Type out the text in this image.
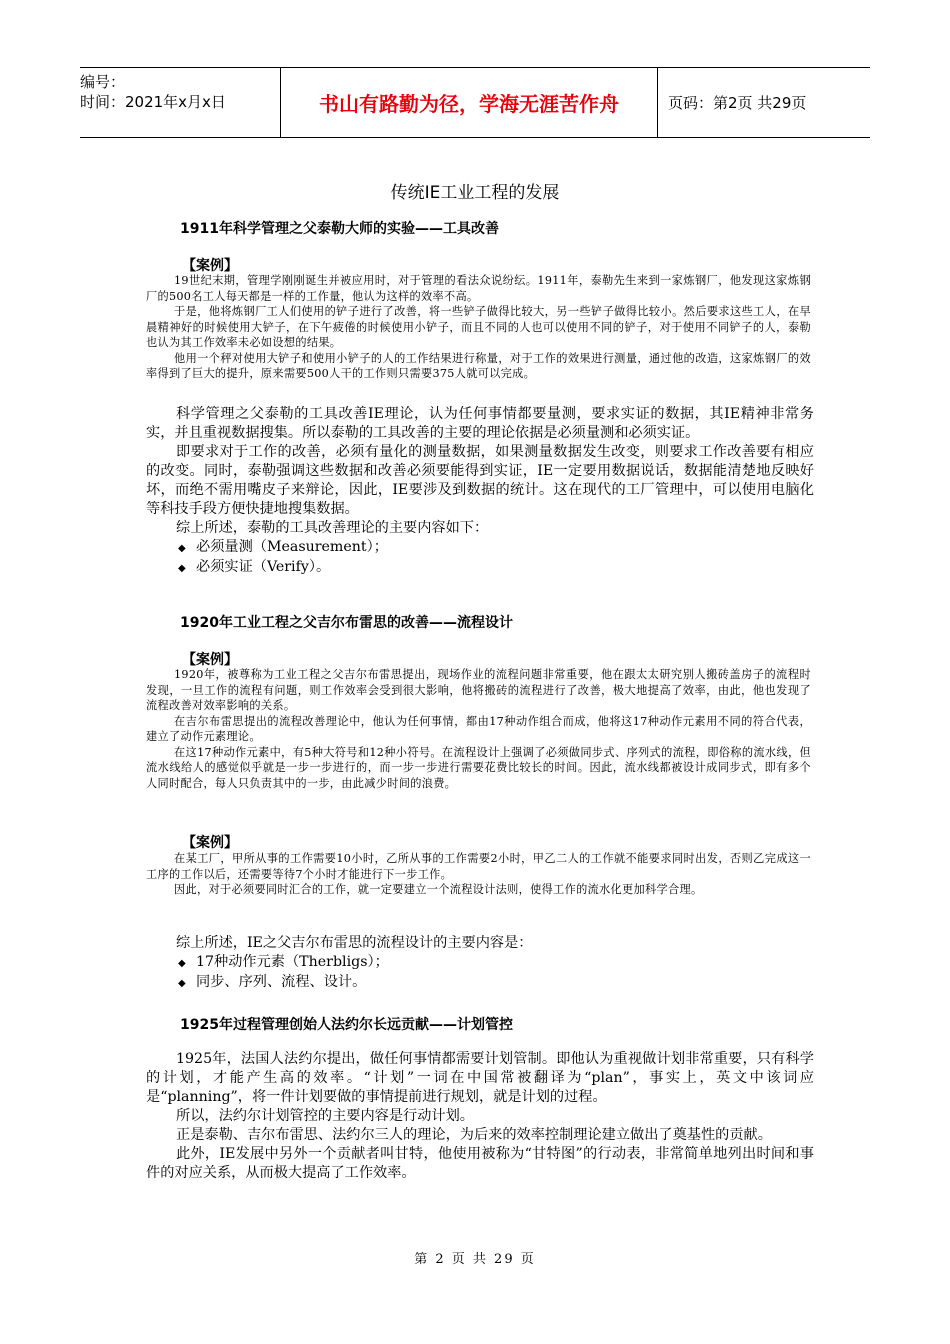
编号：
时间：2021年x月x日	书山有路勤为径，学海无涯苦作舟	页码：第2页 共29页
传统IE工业工程的发展
1911年科学管理之父泰勒大师的实验——工具改善
【案例】

19世纪末期，管理学刚刚诞生并被应用时，对于管理的看法众说纷纭。1911年，泰勒先生来到一家炼钢厂，他发现这家炼钢厂的500名工人每天都是一样的工作量，他认为这样的效率不高。

于是，他将炼钢厂工人们使用的铲子进行了改善，将一些铲子做得比较大，另一些铲子做得比较小。然后要求这些工人，在早晨精神好的时候使用大铲子，在下午疲倦的时候使用小铲子，而且不同的人也可以使用不同的铲子，对于使用不同铲子的人，泰勒也认为其工作效率未必如设想的结果。

他用一个秤对使用大铲子和使用小铲子的人的工作结果进行称量，对于工作的效果进行测量，通过他的改造，这家炼钢厂的效率得到了巨大的提升，原来需要500人干的工作则只需要375人就可以完成。

科学管理之父泰勒的工具改善IE理论，认为任何事情都要量测，要求实证的数据，其IE精神非常务实，并且重视数据搜集。所以泰勒的工具改善的主要的理论依据是必须量测和必须实证。

即要求对于工作的改善，必须有量化的测量数据，如果测量数据发生改变，则要求工作改善要有相应的改变。同时，泰勒强调这些数据和改善必须要能得到实证，IE一定要用数据说话，数据能清楚地反映好坏，而绝不需用嘴皮子来辩论，因此，IE要涉及到数据的统计。这在现代的工厂管理中，可以使用电脑化等科技手段方便快捷地搜集数据。

综上所述，泰勒的工具改善理论的主要内容如下：

◆ 必须量测（Measurement）；
◆ 必须实证（Verify）。
1920年工业工程之父吉尔布雷思的改善——流程设计
【案例】

1920年，被尊称为工业工程之父吉尔布雷思提出，现场作业的流程问题非常重要，他在跟太太研究别人搬砖盖房子的流程时发现，一旦工作的流程有问题，则工作效率会受到很大影响，他将搬砖的流程进行了改善，极大地提高了效率，由此，他也发现了流程改善对效率影响的关系。

在吉尔布雷思提出的流程改善理论中，他认为任何事情，都由17种动作组合而成，他将这17种动作元素用不同的符合代表，建立了动作元素理论。

在这17种动作元素中，有5种大符号和12种小符号。在流程设计上强调了必须做同步式、序列式的流程，即俗称的流水线，但流水线给人的感觉似乎就是一步一步进行的，而一步一步进行需要花费比较长的时间。因此，流水线都被设计成同步式，即有多个人同时配合，每人只负责其中的一步，由此减少时间的浪费。

【案例】

在某工厂，甲所从事的工作需要10小时，乙所从事的工作需要2小时，甲乙二人的工作就不能要求同时出发，否则乙完成这一工序的工作以后，还需要等待7个小时才能进行下一步工作。

因此，对于必须要同时汇合的工作，就一定要建立一个流程设计法则，使得工作的流水化更加科学合理。

综上所述，IE之父吉尔布雷思的流程设计的主要内容是：

◆ 17种动作元素（Therbligs）；
◆ 同步、序列、流程、设计。
1925年过程管理创始人法约尔长远贡献——计划管控

1925年，法国人法约尔提出，做任何事情都需要计划管制。即他认为重视做计划非常重要，只有科学的计划，才能产生高的效率。“计划”一词在中国常被翻译为“plan”，事实上，英文中该词应是“planning”，将一件计划要做的事情提前进行规划，就是计划的过程。

所以，法约尔计划管控的主要内容是行动计划。

正是泰勒、吉尔布雷思、法约尔三人的理论，为后来的效率控制理论建立做出了奠基性的贡献。

此外，IE发展中另外一个贡献者叫甘特，他使用被称为“甘特图”的行动表，非常简单地列出时间和事件的对应关系，从而极大提高了工作效率。

第 2 页 共 29 页
